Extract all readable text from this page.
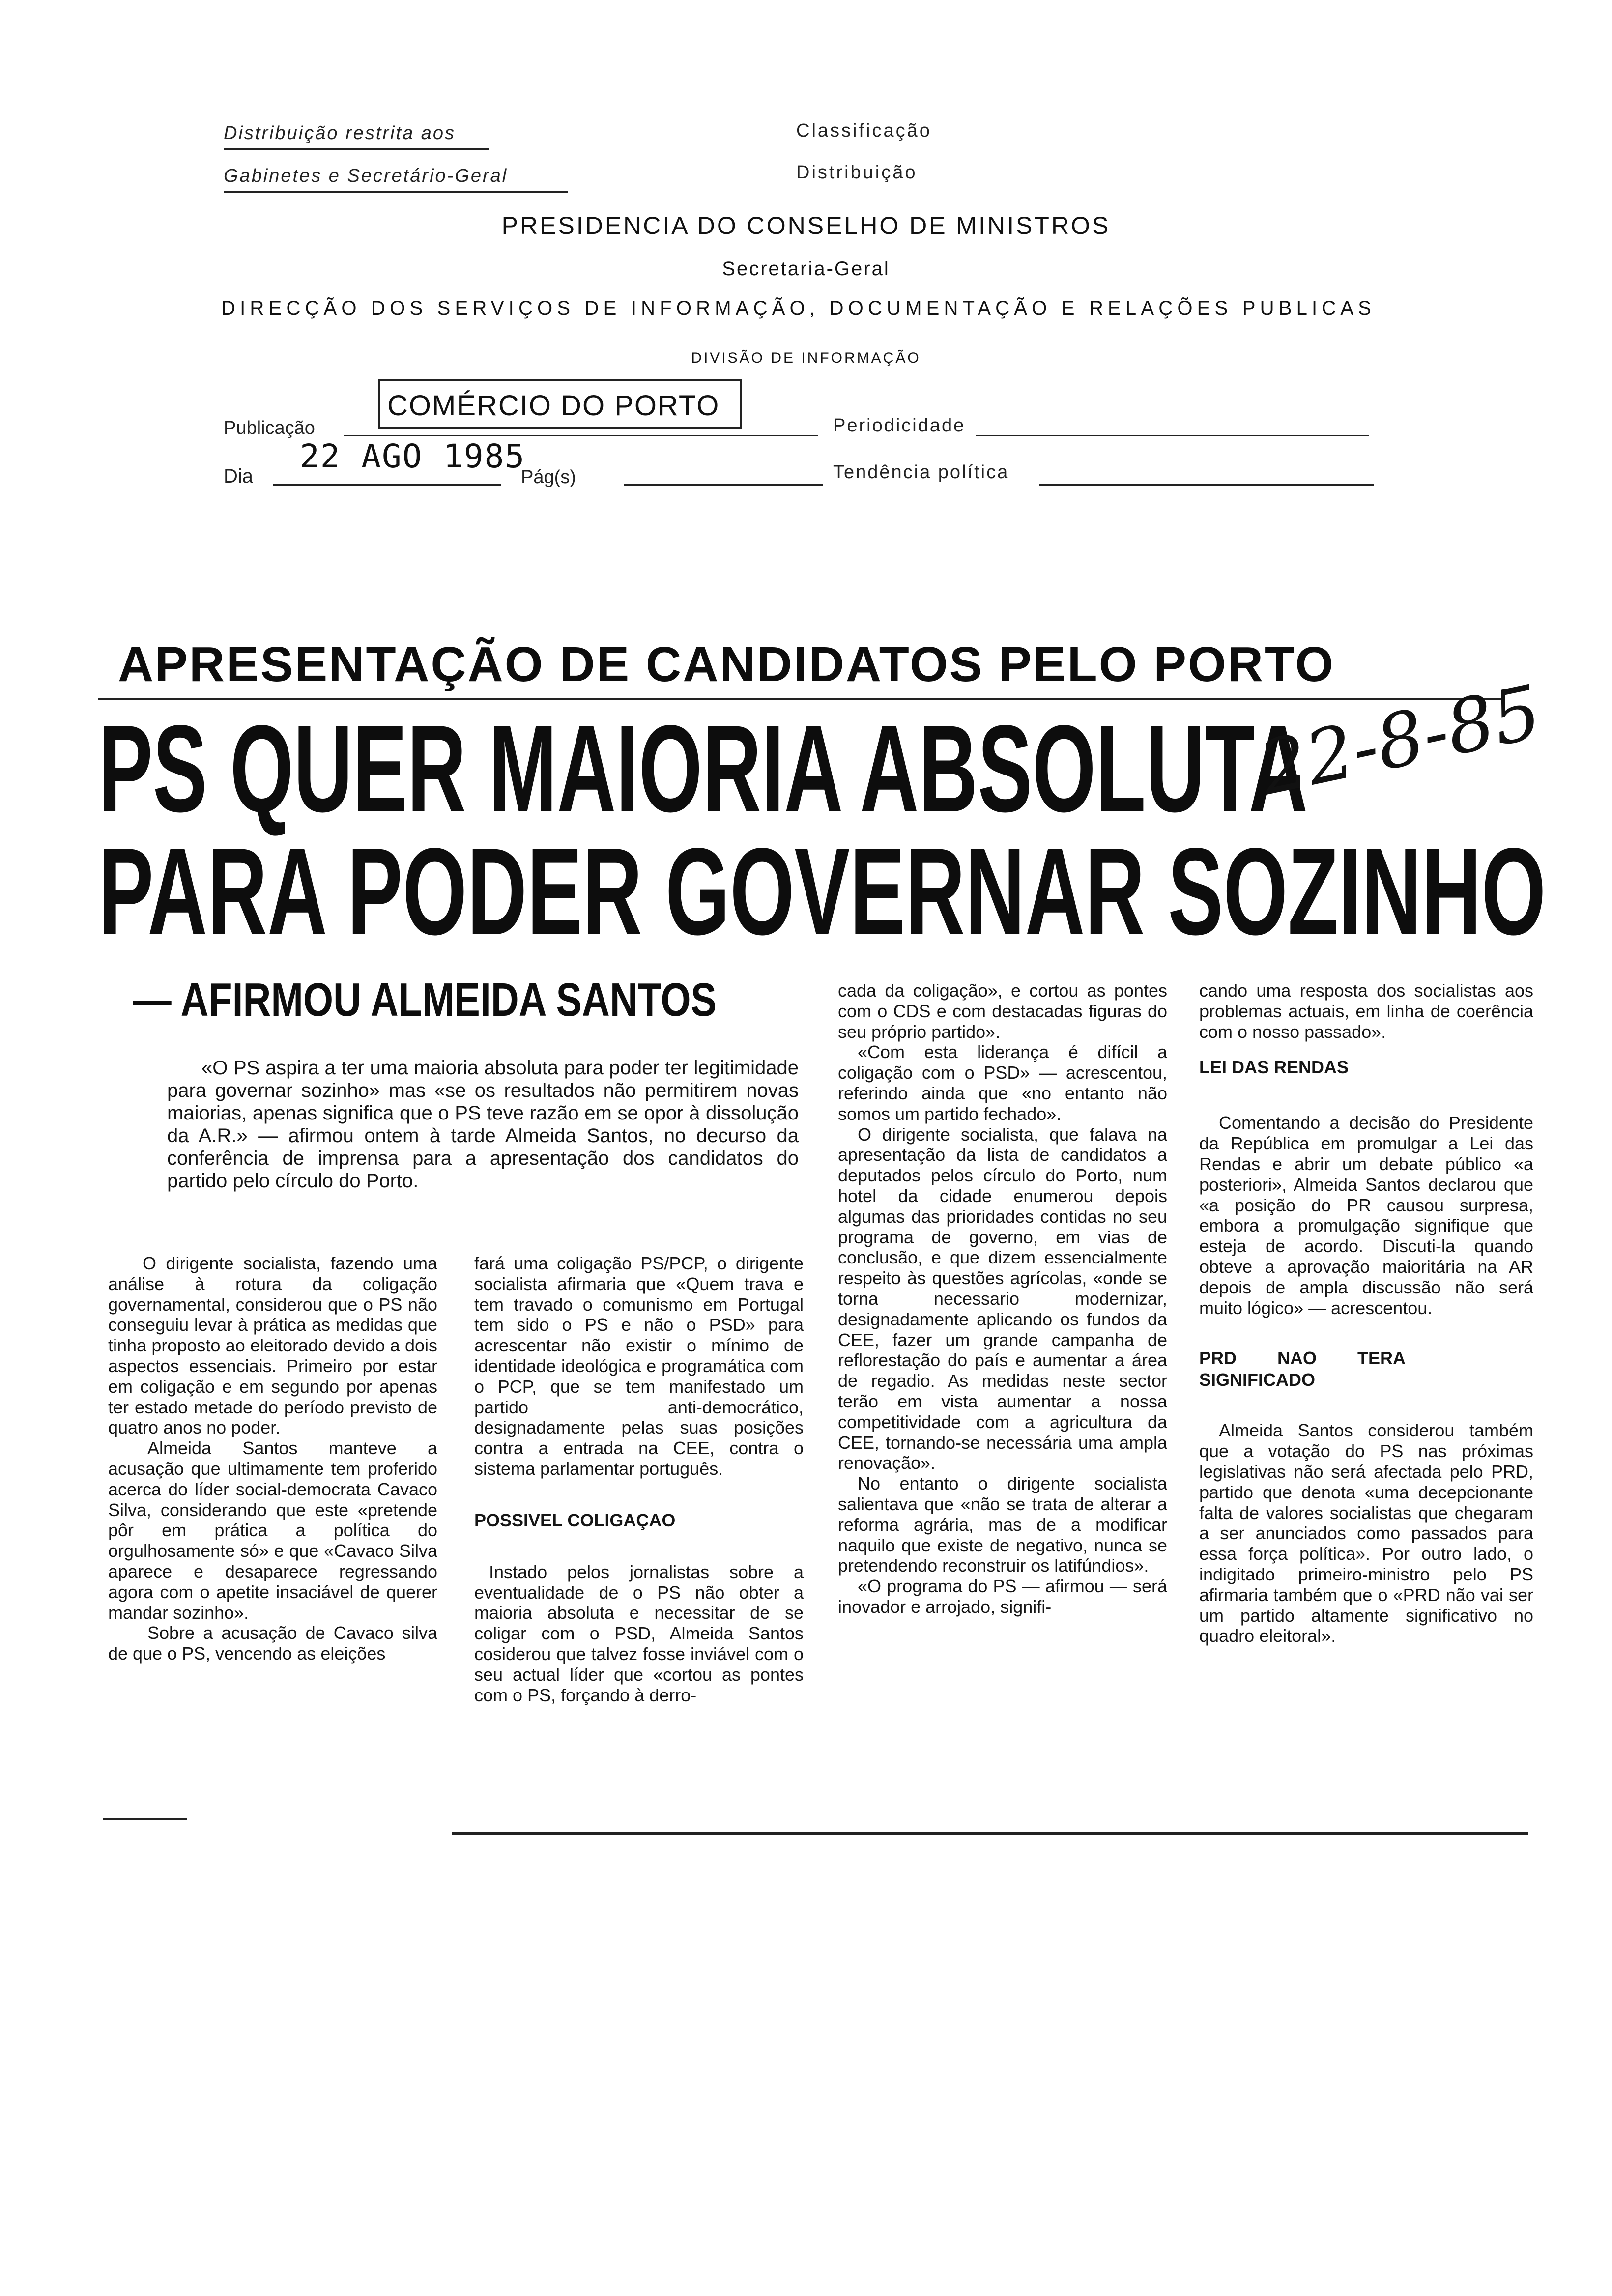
Distribuição restrita aos
Gabinetes e Secretário-Geral
Classificação
Distribuição
PRESIDENCIA DO CONSELHO DE MINISTROS
Secretaria-Geral
DIRECÇÃO DOS SERVIÇOS DE INFORMAÇÃO, DOCUMENTAÇÃO E RELAÇÕES PUBLICAS
DIVISÃO DE INFORMAÇÃO
Publicação
COMÉRCIO DO PORTO
Periodicidade
Dia
22 AGO 1985
Pág(s)	Tendência política
APRESENTAÇÃO DE CANDIDATOS PELO PORTO
PS QUER MAIORIA ABSOLUTA
PARA PODER GOVERNAR SOZINHO
22-8-85
— AFIRMOU ALMEIDA SANTOS

«O PS aspira a ter uma maioria absoluta para poder ter legitimidade para governar sozinho» mas «se os resultados não permitirem novas maiorias, apenas significa que o PS teve razão em se opor à dissolução da A.R.» — afirmou ontem à tarde Almeida Santos, no decurso da conferência de imprensa para a apresentação dos candidatos do partido pelo círculo do Porto.

O dirigente socialista, fazendo uma análise à rotura da coligação governamental, considerou que o PS não conseguiu levar à prática as medidas que tinha proposto ao eleitorado devido a dois aspectos essenciais. Primeiro por estar em coligação e em segundo por apenas ter estado metade do período previsto de quatro anos no poder.

Almeida Santos manteve a acusação que ultimamente tem proferido acerca do líder social-democrata Cavaco Silva, considerando que este «pretende pôr em prática a política do orgulhosamente só» e que «Cavaco Silva aparece e desaparece regressando agora com o apetite insaciável de querer mandar sozinho».

Sobre a acusação de Cavaco silva de que o PS, vencendo as eleições

fará uma coligação PS/PCP, o dirigente socialista afirmaria que «Quem trava e tem travado o comunismo em Portugal tem sido o PS e não o PSD» para acrescentar não existir o mínimo de identidade ideológica e programática com o PCP, que se tem manifestado um partido anti-democrático, designadamente pelas suas posições contra a entrada na CEE, contra o sistema parlamentar português.

POSSIVEL COLIGAÇAO

Instado pelos jornalistas sobre a eventualidade de o PS não obter a maioria absoluta e necessitar de se coligar com o PSD, Almeida Santos cosiderou que talvez fosse inviável com o seu actual líder que «cortou as pontes com o PS, forçando à derro-

cada da coligação», e cortou as pontes com o CDS e com destacadas figuras do seu próprio partido».

«Com esta liderança é difícil a coligação com o PSD» — acrescentou, referindo ainda que «no entanto não somos um partido fechado».

O dirigente socialista, que falava na apresentação da lista de candidatos a deputados pelos círculo do Porto, num hotel da cidade enumerou depois algumas das prioridades contidas no seu programa de governo, em vias de conclusão, e que dizem essencialmente respeito às questões agrícolas, «onde se torna necessario modernizar, designadamente aplicando os fundos da CEE, fazer um grande campanha de reflorestação do país e aumentar a área de regadio. As medidas neste sector terão em vista aumentar a nossa competitividade com a agricultura da CEE, tornando-se necessária uma ampla renovação».

No entanto o dirigente socialista salientava que «não se trata de alterar a reforma agrária, mas de a modificar naquilo que existe de negativo, nunca se pretendendo reconstruir os latifúndios».

«O programa do PS — afirmou — será inovador e arrojado, signifi-

cando uma resposta dos socialistas aos problemas actuais, em linha de coerência com o nosso passado».

LEI DAS RENDAS

Comentando a decisão do Presidente da República em promulgar a Lei das Rendas e abrir um debate público «a posteriori», Almeida Santos declarou que «a posição do PR causou surpresa, embora a promulgação signifique que esteja de acordo. Discuti-la quando obteve a aprovação maioritária na AR depois de ampla discussão não será muito lógico» — acrescentou.

PRD NAO TERA SIGNIFICADO

Almeida Santos considerou também que a votação do PS nas próximas legislativas não será afectada pelo PRD, partido que denota «uma decepcionante falta de valores socialistas que chegaram a ser anunciados como passados para essa força política». Por outro lado, o indigitado primeiro-ministro pelo PS afirmaria também que o «PRD não vai ser um partido altamente significativo no quadro eleitoral».
